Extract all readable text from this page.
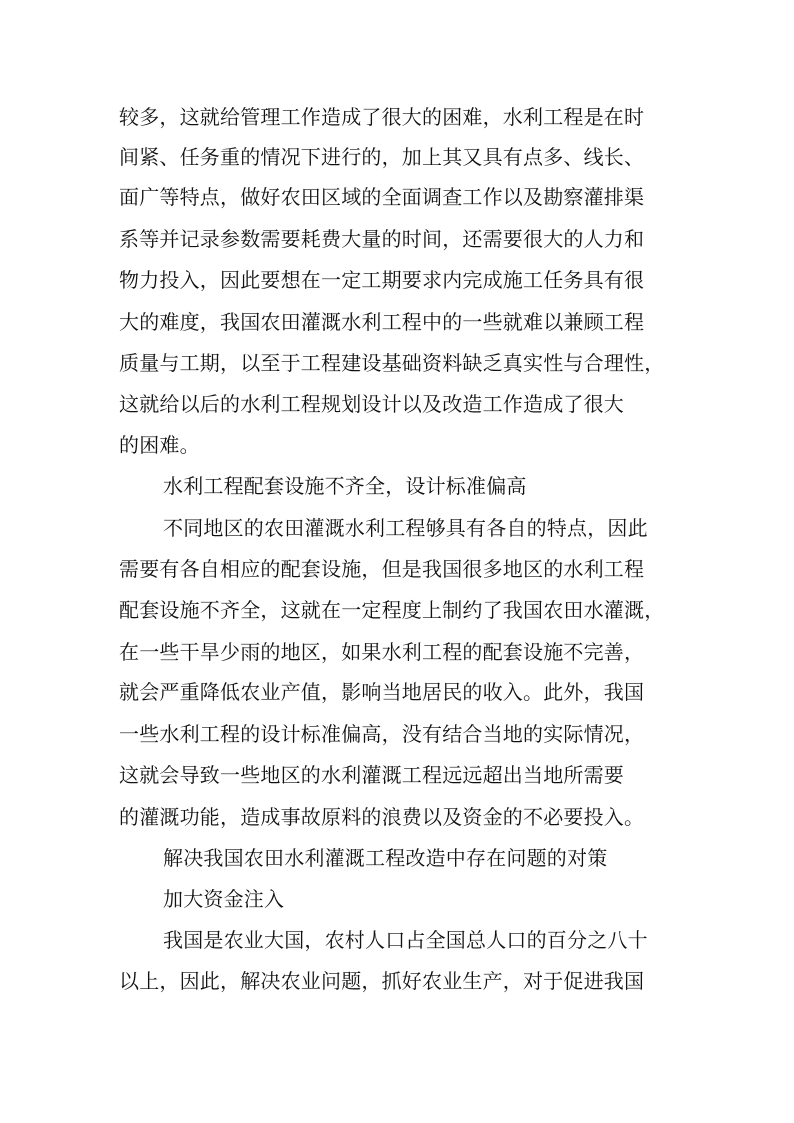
较多，这就给管理工作造成了很大的困难，水利工程是在时
间紧、任务重的情况下进行的，加上其又具有点多、线长、
面广等特点，做好农田区域的全面调查工作以及勘察灌排渠
系等并记录参数需要耗费大量的时间，还需要很大的人力和
物力投入，因此要想在一定工期要求内完成施工任务具有很
大的难度，我国农田灌溉水利工程中的一些就难以兼顾工程
质量与工期，以至于工程建设基础资料缺乏真实性与合理性，
这就给以后的水利工程规划设计以及改造工作造成了很大
的困难。
水利工程配套设施不齐全，设计标准偏高
不同地区的农田灌溉水利工程够具有各自的特点，因此
需要有各自相应的配套设施，但是我国很多地区的水利工程
配套设施不齐全，这就在一定程度上制约了我国农田水灌溉，
在一些干旱少雨的地区，如果水利工程的配套设施不完善，
就会严重降低农业产值，影响当地居民的收入。此外，我国
一些水利工程的设计标准偏高，没有结合当地的实际情况，
这就会导致一些地区的水利灌溉工程远远超出当地所需要
的灌溉功能，造成事故原料的浪费以及资金的不必要投入。
解决我国农田水利灌溉工程改造中存在问题的对策
加大资金注入
我国是农业大国，农村人口占全国总人口的百分之八十
以上，因此，解决农业问题，抓好农业生产，对于促进我国
